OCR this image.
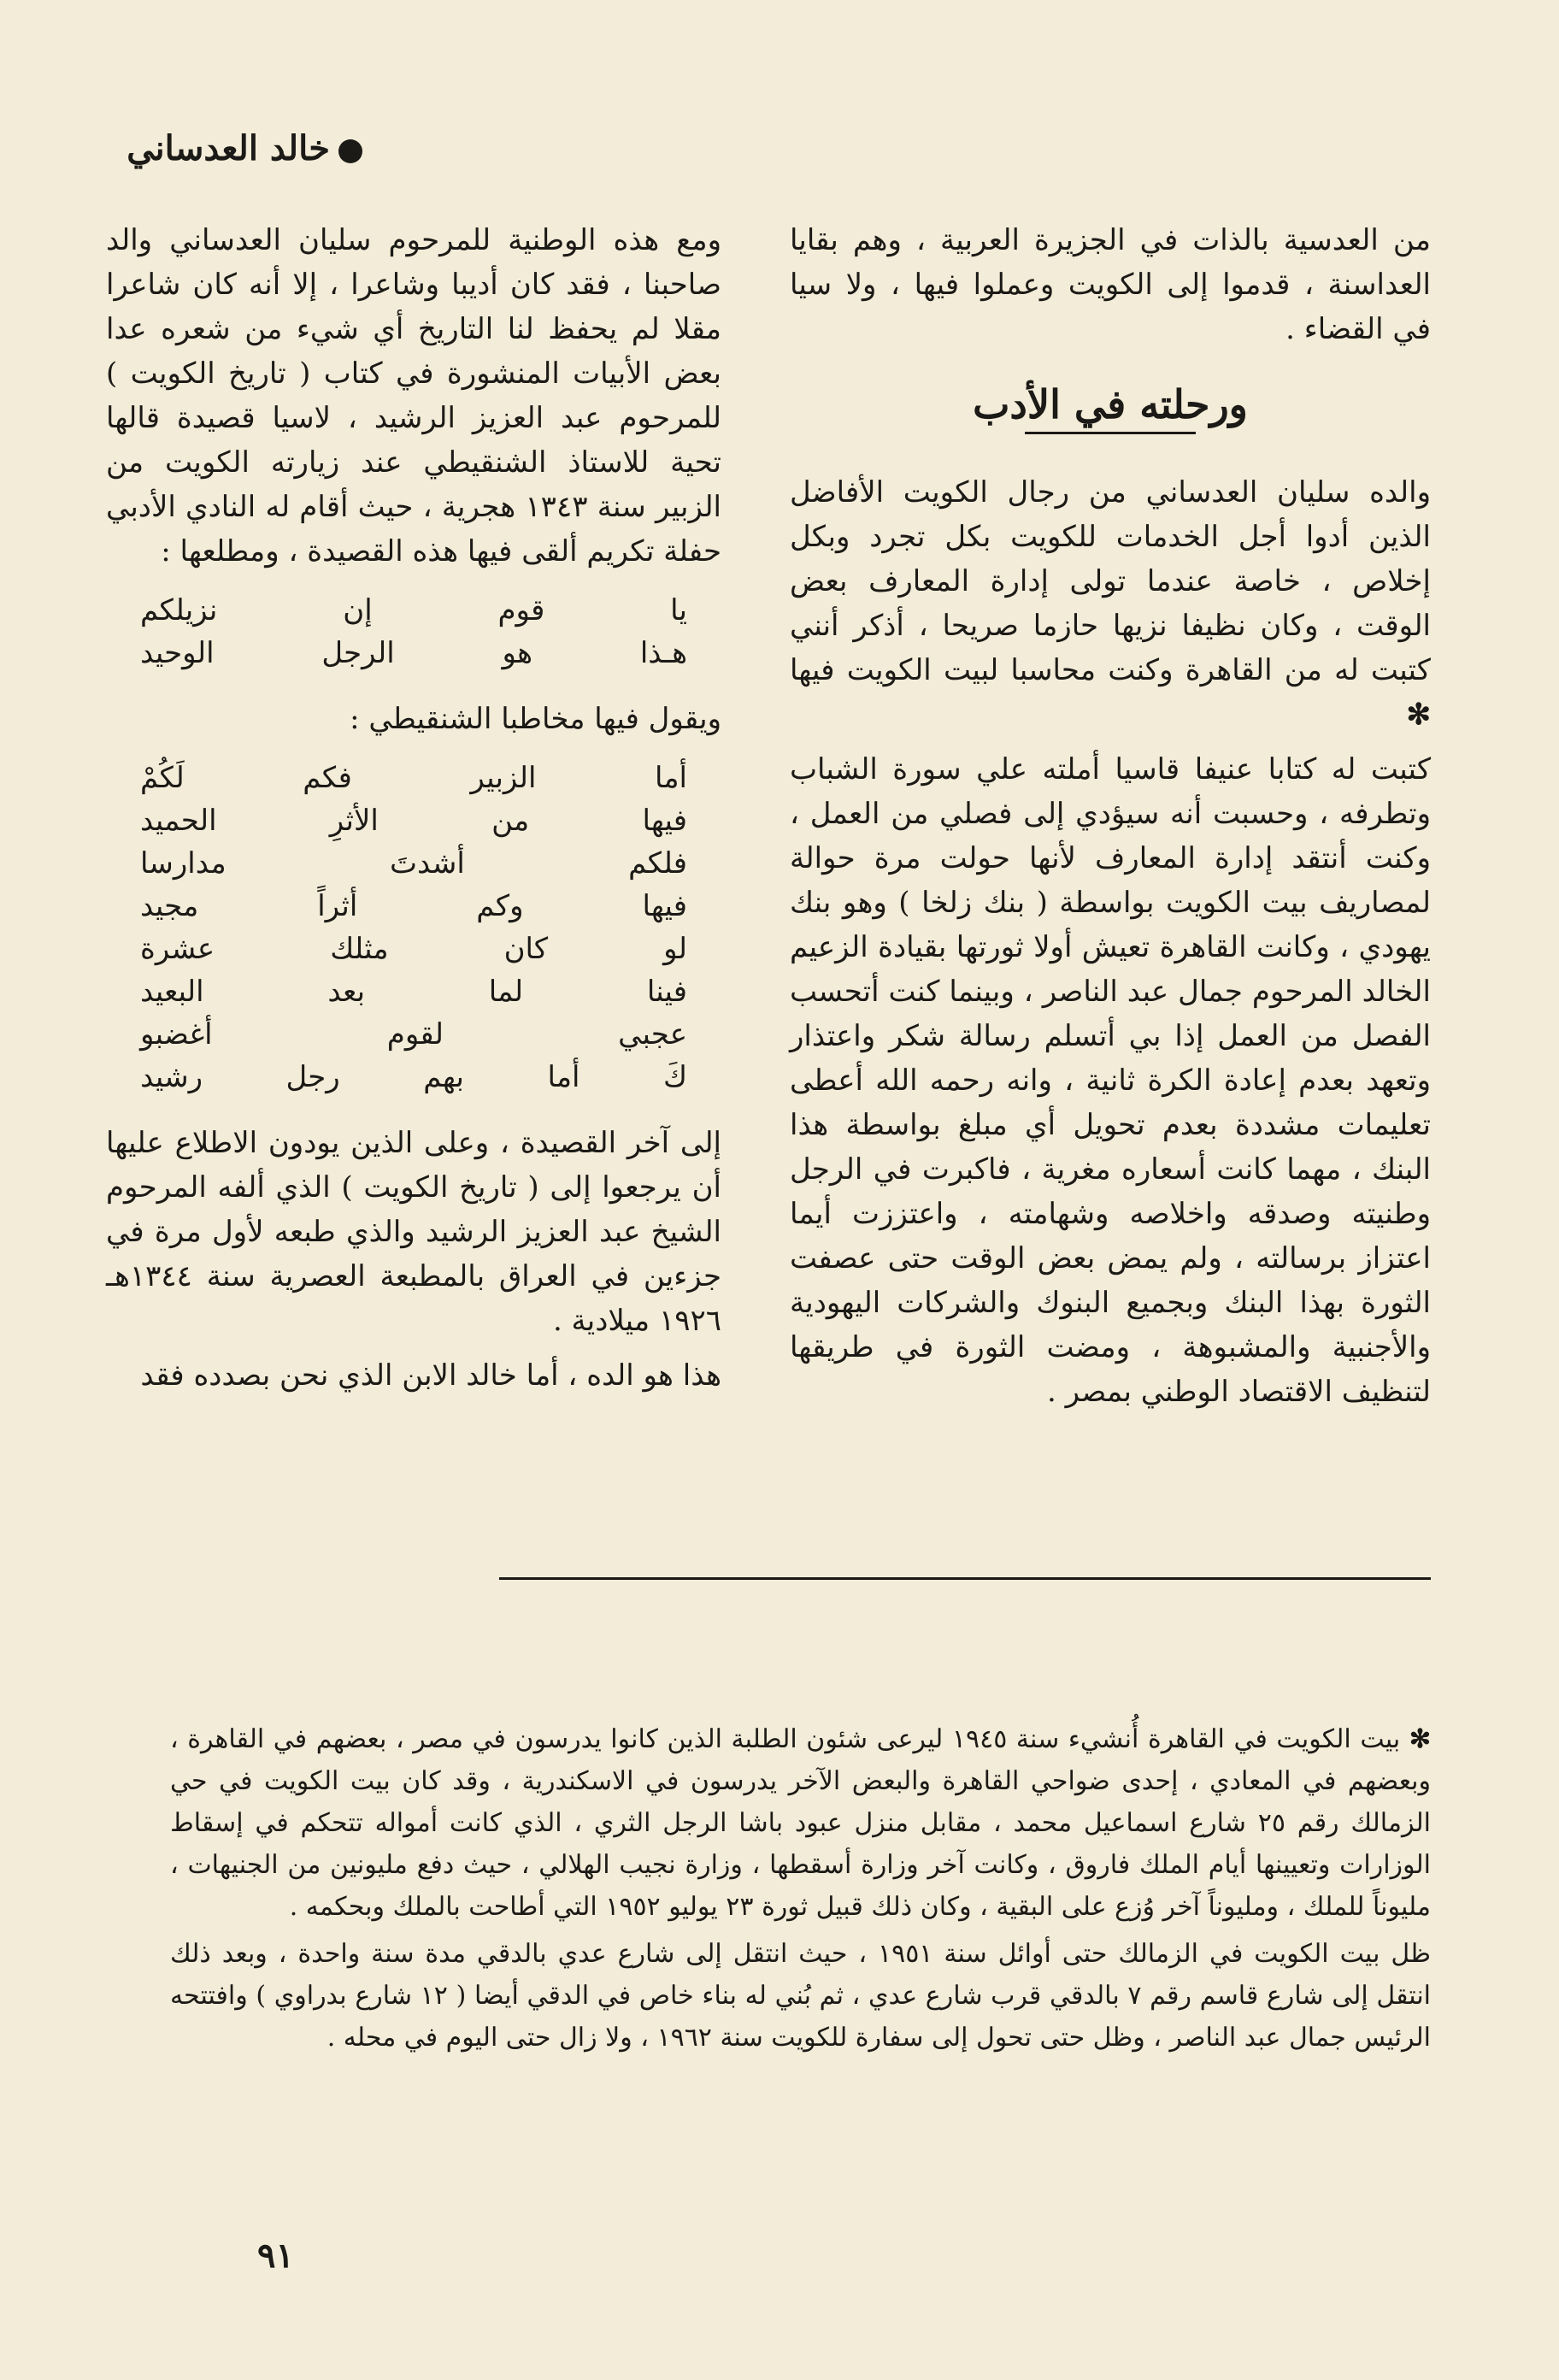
خالد العدساني

من العدسية بالذات في الجزيرة العربية ، وهم بقايا العداسنة ، قدموا إلى الكويت وعملوا فيها ، ولا سيا في القضاء .

ورحلته في الأدب

والده سليان العدساني من رجال الكويت الأفاضل الذين أدوا أجل الخدمات للكويت بكل تجرد وبكل إخلاص ، خاصة عندما تولى إدارة المعارف بعض الوقت ، وكان نظيفا نزيها حازما صريحا ، أذكر أنني كتبت له من القاهرة وكنت محاسبا لبيت الكويت فيها ✻

كتبت له كتابا عنيفا قاسيا أملته علي سورة الشباب وتطرفه ، وحسبت أنه سيؤدي إلى فصلي من العمل ، وكنت أنتقد إدارة المعارف لأنها حولت مرة حوالة لمصاريف بيت الكويت بواسطة ( بنك زلخا ) وهو بنك يهودي ، وكانت القاهرة تعيش أولا ثورتها بقيادة الزعيم الخالد المرحوم جمال عبد الناصر ، وبينما كنت أتحسب الفصل من العمل إذا بي أتسلم رسالة شكر واعتذار وتعهد بعدم إعادة الكرة ثانية ، وانه رحمه الله أعطى تعليمات مشددة بعدم تحويل أي مبلغ بواسطة هذا البنك ، مهما كانت أسعاره مغرية ، فاكبرت في الرجل وطنيته وصدقه واخلاصه وشهامته ، واعتززت أيما اعتزاز برسالته ، ولم يمض بعض الوقت حتى عصفت الثورة بهذا البنك وبجميع البنوك والشركات اليهودية والأجنبية والمشبوهة ، ومضت الثورة في طريقها لتنظيف الاقتصاد الوطني بمصر .

ومع هذه الوطنية للمرحوم سليان العدساني والد صاحبنا ، فقد كان أديبا وشاعرا ، إلا أنه كان شاعرا مقلا لم يحفظ لنا التاريخ أي شيء من شعره عدا بعض الأبيات المنشورة في كتاب ( تاريخ الكويت ) للمرحوم عبد العزيز الرشيد ، لاسيا قصيدة قالها تحية للاستاذ الشنقيطي عند زيارته الكويت من الزبير سنة ١٣٤٣ هجرية ، حيث أقام له النادي الأدبي حفلة تكريم ألقى فيها هذه القصيدة ، ومطلعها :

يا
قوم
إن
نزيلكم
هـذا
هو
الرجل
الوحيد

ويقول فيها مخاطبا الشنقيطي :

أما
الزبير
فكم
لَكُمْ
فيها
من
الأثرِ
الحميد
فلكم
أشدتَ
مدارسا
فيها
وكم
أثراً
مجيد
لو
كان
مثلك
عشرة
فينا
لما
بعد
البعيد
عجبي
لقوم
أغضبو
كَ
أما
بهم
رجل
رشيد

إلى آخر القصيدة ، وعلى الذين يودون الاطلاع عليها أن يرجعوا إلى ( تاريخ الكويت ) الذي ألفه المرحوم الشيخ عبد العزيز الرشيد والذي طبعه لأول مرة في جزءين في العراق بالمطبعة العصرية سنة ١٣٤٤هـ ١٩٢٦ ميلادية .

هذا هو الده ، أما خالد الابن الذي نحن بصدده فقد

✻ بيت الكويت في القاهرة أُنشيء سنة ١٩٤٥ ليرعى شئون الطلبة الذين كانوا يدرسون في مصر ، بعضهم في القاهرة ، وبعضهم في المعادي ، إحدى ضواحي القاهرة والبعض الآخر يدرسون في الاسكندرية ، وقد كان بيت الكويت في حي الزمالك رقم ٢٥ شارع اسماعيل محمد ، مقابل منزل عبود باشا الرجل الثري ، الذي كانت أمواله تتحكم في إسقاط الوزارات وتعيينها أيام الملك فاروق ، وكانت آخر وزارة أسقطها ، وزارة نجيب الهلالي ، حيث دفع مليونين من الجنيهات ، مليوناً للملك ، ومليوناً آخر وُزع على البقية ، وكان ذلك قبيل ثورة ٢٣ يوليو ١٩٥٢ التي أطاحت بالملك وبحكمه .

ظل بيت الكويت في الزمالك حتى أوائل سنة ١٩٥١ ، حيث انتقل إلى شارع عدي بالدقي مدة سنة واحدة ، وبعد ذلك انتقل إلى شارع قاسم رقم ٧ بالدقي قرب شارع عدي ، ثم بُني له بناء خاص في الدقي أيضا ( ١٢ شارع بدراوي ) وافتتحه الرئيس جمال عبد الناصر ، وظل حتى تحول إلى سفارة للكويت سنة ١٩٦٢ ، ولا زال حتى اليوم في محله .

٩١
